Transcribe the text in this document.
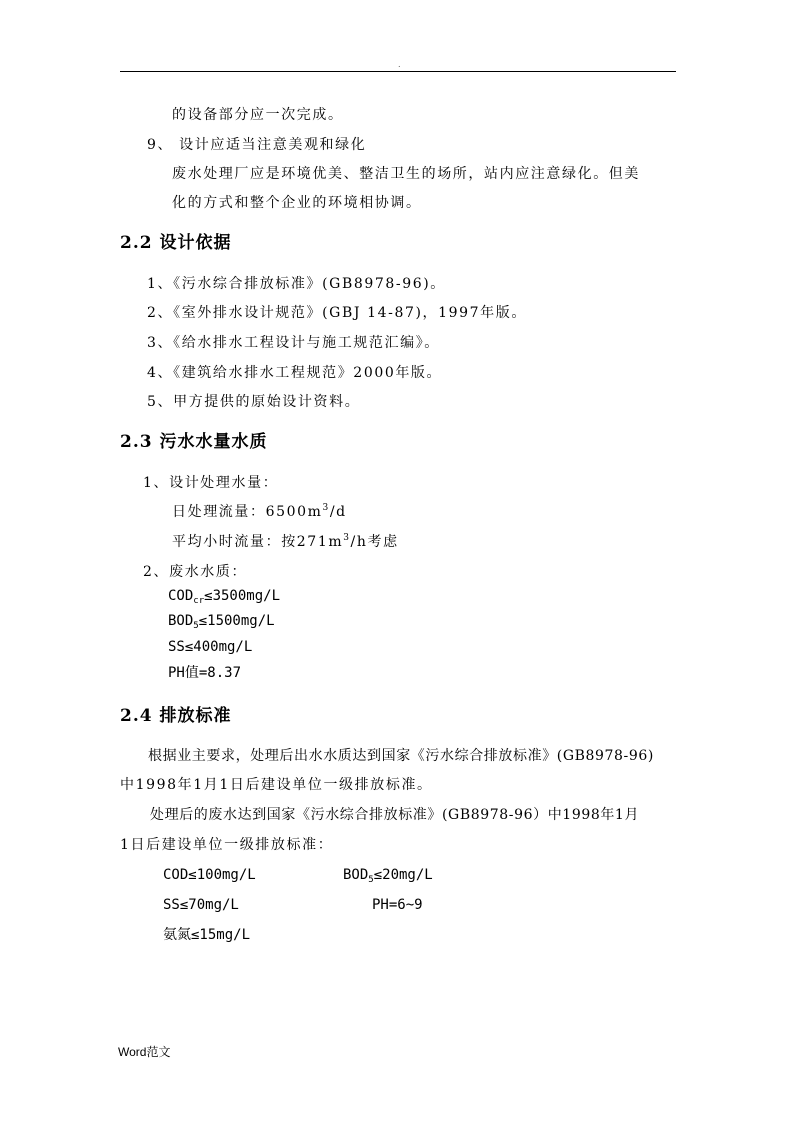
.
的设备部分应一次完成。
9、 设计应适当注意美观和绿化
废水处理厂应是环境优美、整洁卫生的场所，站内应注意绿化。但美
化的方式和整个企业的环境相协调。
2.2 设计依据
1、《污水综合排放标准》(GB8978-96)。
2、《室外排水设计规范》(GBJ 14-87)，1997年版。
3、《给水排水工程设计与施工规范汇编》。
4、《建筑给水排水工程规范》2000年版。
5、甲方提供的原始设计资料。
2.3 污水水量水质
1、设计处理水量：
日处理流量：$6500m^3/d$
平均小时流量：按$271m^3/h$考虑
2、废水水质：
$COD_{cr}\le 3500mg/L$
$BOD_5\le 1500mg/L$
SS≤400mg/L
PH值=8.37
2.4 排放标准
根据业主要求，处理后出水水质达到国家《污水综合排放标准》(GB8978-96)
中1998年1月1日后建设单位一级排放标准。
处理后的废水达到国家《污水综合排放标准》(GB8978-96）中1998年1月
1日后建设单位一级排放标准：
COD≤100mg/L	$BOD_5\le 20mg/L$
SS≤70mg/L	PH=6~9
氨氮≤15mg/L
Word范文
